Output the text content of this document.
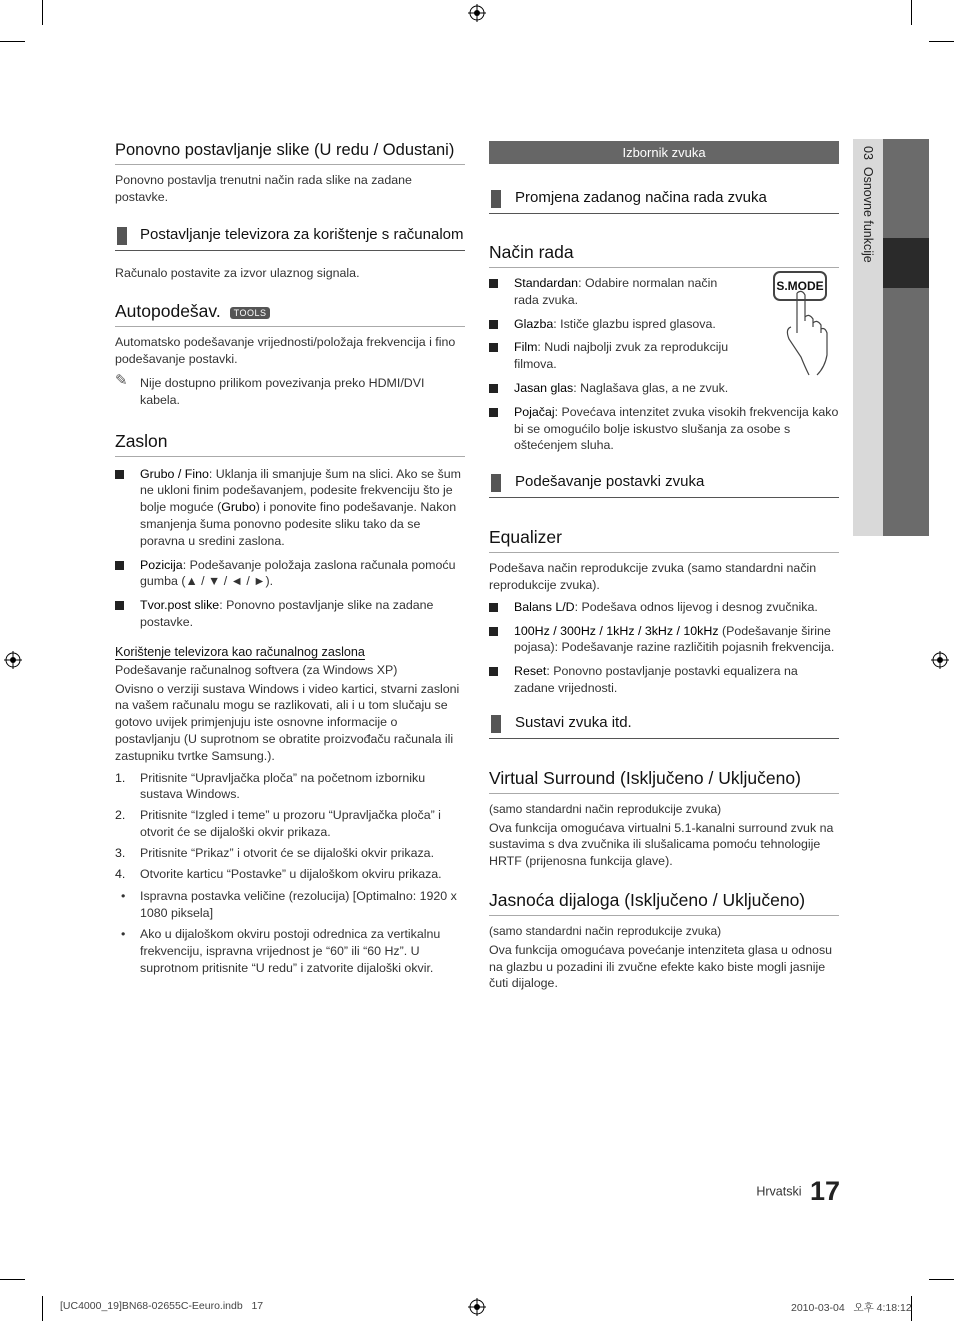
03  Osnovne funkcije
Ponovno postavljanje slike (U redu / Odustani)

Ponovno postavlja trenutni način rada slike na zadane postavke.

Postavljanje televizora za korištenje s računalom

Računalo postavite za izvor ulaznog signala.

Autopodešav. TOOLS

Automatsko podešavanje vrijednosti/položaja frekvencija i fino podešavanje postavki.

✎ Nije dostupno prilikom povezivanja preko HDMI/DVI kabela.
Zaslon
Grubo / Fino: Uklanja ili smanjuje šum na slici. Ako se šum ne ukloni finim podešavanjem, podesite frekvenciju što je bolje moguće (Grubo) i ponovite fino podešavanje. Nakon smanjenja šuma ponovno podesite sliku tako da se poravna u sredini zaslona.
Pozicija: Podešavanje položaja zaslona računala pomoću gumba (▲ / ▼ / ◄ / ►).
Tvor.post slike: Ponovno postavljanje slike na zadane postavke.
Korištenje televizora kao računalnog zaslona

Podešavanje računalnog softvera (za Windows XP)

Ovisno o verziji sustava Windows i video kartici, stvarni zasloni na vašem računalu mogu se razlikovati, ali i u tom slučaju se gotovo uvijek primjenjuju iste osnovne informacije o postavljanju (U suprotnom se obratite proizvođaču računala ili zastupniku tvrtke Samsung.).

1. Pritisnite “Upravljačka ploča” na početnom izborniku sustava Windows.
2. Pritisnite “Izgled i teme” u prozoru “Upravljačka ploča” i otvorit će se dijaloški okvir prikaza.
3. Pritisnite “Prikaz” i otvorit će se dijaloški okvir prikaza.
4. Otvorite karticu “Postavke” u dijaloškom okviru prikaza.
• Ispravna postavka veličine (rezolucija) [Optimalno: 1920 x 1080 piksela]
• Ako u dijaloškom okviru postoji odrednica za vertikalnu frekvenciju, ispravna vrijednost je “60” ili “60 Hz”. U suprotnom pritisnite “U redu” i zatvorite dijaloški okvir.
Izbornik zvuka
Promjena zadanog načina rada zvuka
Način rada
S.MODE
Standardan: Odabire normalan način rada zvuka.
Glazba: Ističe glazbu ispred glasova.
Film: Nudi najbolji zvuk za reprodukciju filmova.
Jasan glas: Naglašava glas, a ne zvuk.
Pojačaj: Povećava intenzitet zvuka visokih frekvencija kako bi se omogućilo bolje iskustvo slušanja za osobe s oštećenjem sluha.
Podešavanje postavki zvuka
Equalizer

Podešava način reprodukcije zvuka (samo standardni način reprodukcije zvuka).

Balans L/D: Podešava odnos lijevog i desnog zvučnika.
100Hz / 300Hz / 1kHz / 3kHz / 10kHz (Podešavanje širine pojasa): Podešavanje razine različitih pojasnih frekvencija.
Reset: Ponovno postavljanje postavki equalizera na zadane vrijednosti.
Sustavi zvuka itd.
Virtual Surround (Isključeno / Uključeno)

(samo standardni način reprodukcije zvuka)

Ova funkcija omogućava virtualni 5.1-kanalni surround zvuk na sustavima s dva zvučnika ili slušalicama pomoću tehnologije HRTF (prijenosna funkcija glave).

Jasnoća dijaloga (Isključeno / Uključeno)

(samo standardni način reprodukcije zvuka)

Ova funkcija omogućava povećanje intenziteta glasa u odnosu na glazbu u pozadini ili zvučne efekte kako biste mogli jasnije čuti dijaloge.

Hrvatski 17
[UC4000_19]BN68-02655C-Eeuro.indb   17	2010-03-04   오후 4:18:12
